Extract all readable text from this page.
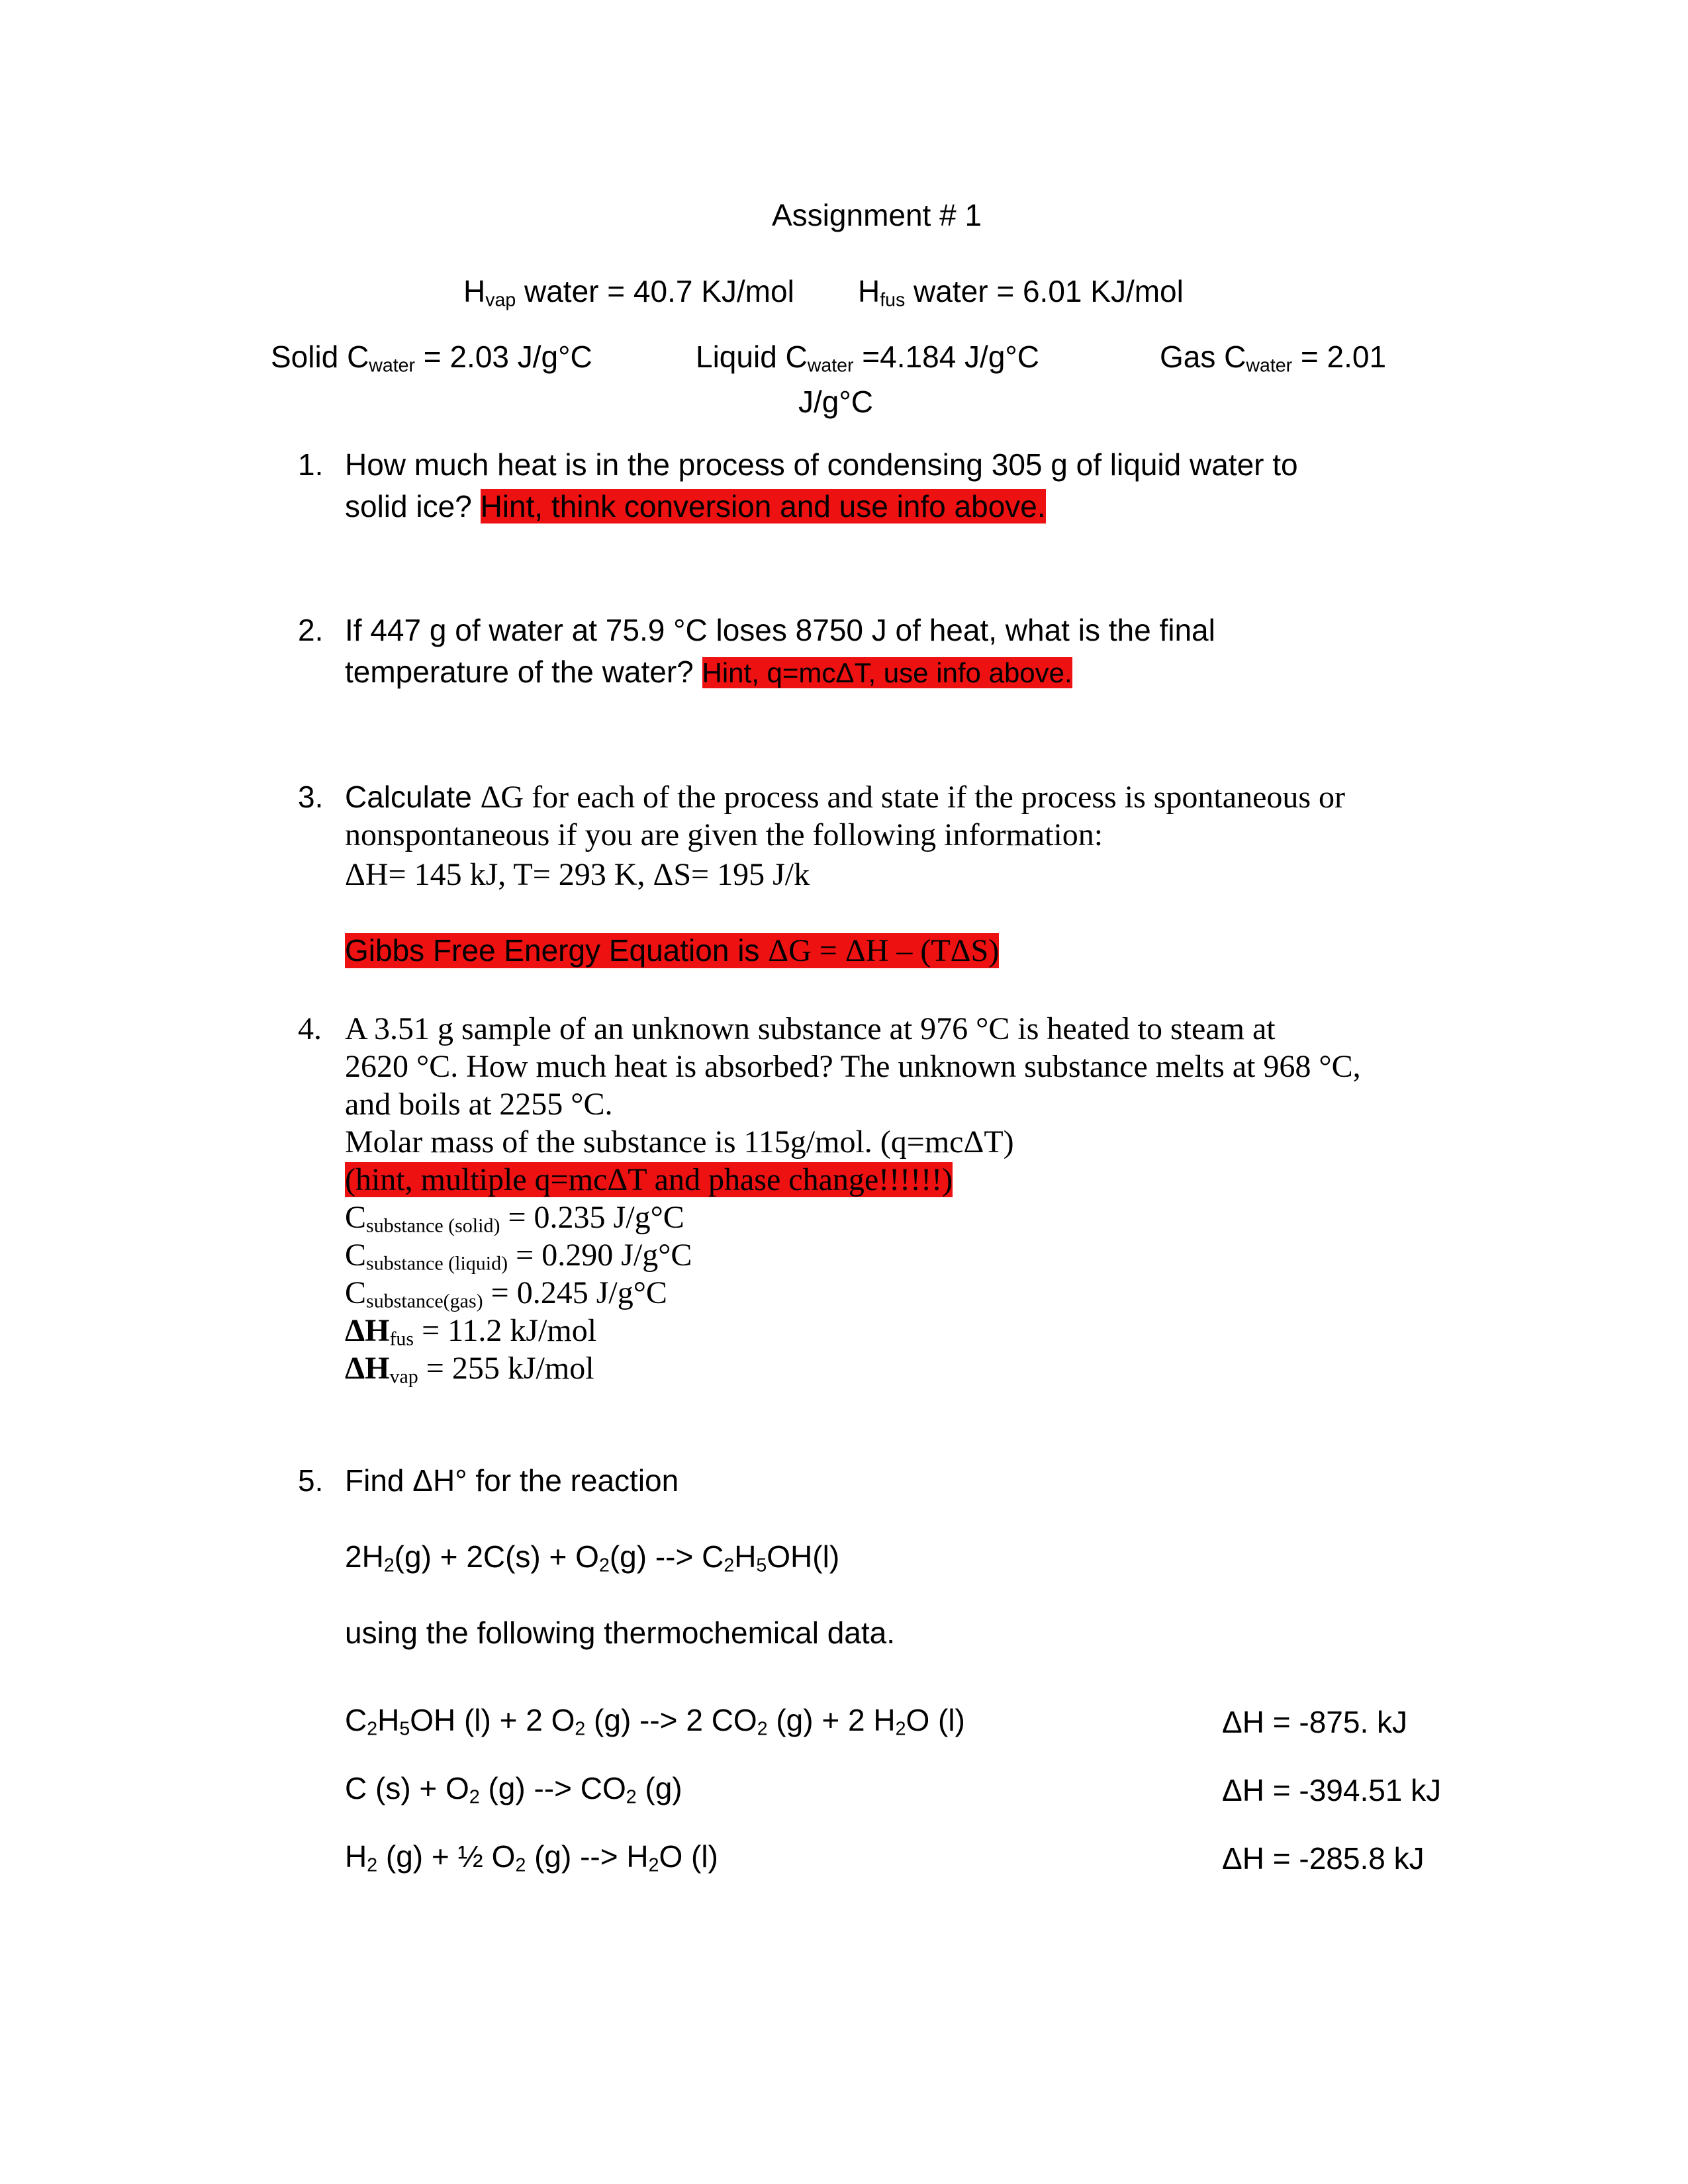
Assignment # 1
$H_{vap}$ water = 40.7 KJ/mol $H_{fus}$ water = 6.01 KJ/mol
Solid $C_{water} = 2.03$ J/g°C	Liquid $C_{water} =4.184$ J/g°C	Gas $C_{water} = 2.01$
J/g°C
1. How much heat is in the process of condensing 305 g of liquid water to
solid ice? Hint, think conversion and use info above.
2. If 447 g of water at 75.9 °C loses 8750 J of heat, what is the final
temperature of the water? Hint, q=mcΔT, use info above.
3. Calculate ΔG for each of the process and state if the process is spontaneous or
nonspontaneous if you are given the following information:
ΔH= 145 kJ, T= 293 K, ΔS= 195 J/k
Gibbs Free Energy Equation is ΔG = ΔH – (TΔS)
4. A 3.51 g sample of an unknown substance at 976 °C is heated to steam at
2620 °C. How much heat is absorbed? The unknown substance melts at 968 °C,
and boils at 2255 °C.
Molar mass of the substance is 115g/mol. (q=mcΔT)
(hint, multiple q=mcΔT and phase change!!!!!!)
$C_{substance (solid)} = 0.235$ J/g°C
$C_{substance (liquid)} = 0.290$ J/g°C
$C_{substance(gas)} = 0.245$ J/g°C
$\Delta H_{fus} = 11.2$ kJ/mol
$\Delta H_{vap} = 255$ kJ/mol
5. Find ΔH° for the reaction
$2H_2(g) + 2C(s) + O_2(g)$ --> $C_2H_5OH(l)$
using the following thermochemical data.
$C_2H_5OH$ (l) + 2 $O_2$ (g) --> 2 $CO_2$ (g) + 2 $H_2O$ (l)	ΔH = -875. kJ
C $(s) + O_2$ (g) --> $CO_2$ (g)	ΔH = -394.51 kJ
$H_2$ (g) + ½ $O_2$ (g) --> $H_2O$ (l)	ΔH = -285.8 kJ
